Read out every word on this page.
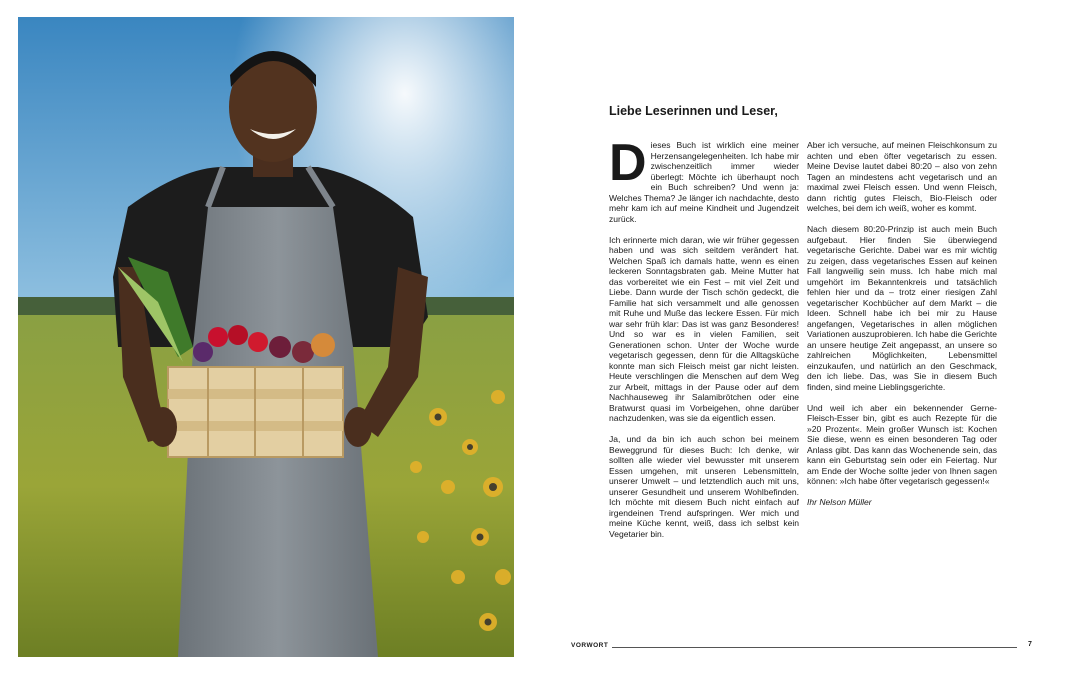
Liebe Leserinnen und Leser,

Dieses Buch ist wirklich eine meiner Herzensangelegenheiten. Ich habe mir zwischenzeitlich immer wieder überlegt: Möchte ich überhaupt noch ein Buch schreiben? Und wenn ja: Welches Thema? Je länger ich nachdachte, desto mehr kam ich auf meine Kindheit und Jugendzeit zurück.

Ich erinnerte mich daran, wie wir früher gegessen haben und was sich seitdem verändert hat. Welchen Spaß ich damals hatte, wenn es einen leckeren Sonntagsbraten gab. Meine Mutter hat das vorbereitet wie ein Fest – mit viel Zeit und Liebe. Dann wurde der Tisch schön gedeckt, die Familie hat sich versammelt und alle genossen mit Ruhe und Muße das leckere Essen. Für mich war sehr früh klar: Das ist was ganz Besonderes! Und so war es in vielen Familien, seit Generationen schon. Unter der Woche wurde vegetarisch gegessen, denn für die Alltagsküche konnte man sich Fleisch meist gar nicht leisten. Heute verschlingen die Menschen auf dem Weg zur Arbeit, mittags in der Pause oder auf dem Nachhauseweg ihr Salamibrötchen oder eine Bratwurst quasi im Vorbeigehen, ohne darüber nachzudenken, was sie da eigentlich essen.

Ja, und da bin ich auch schon bei meinem Beweggrund für dieses Buch: Ich denke, wir sollten alle wieder viel bewusster mit unserem Essen umgehen, mit unseren Lebensmitteln, unserer Umwelt – und letztendlich auch mit uns, unserer Gesundheit und unserem Wohlbefinden. Ich möchte mit diesem Buch nicht einfach auf irgendeinen Trend aufspringen. Wer mich und meine Küche kennt, weiß, dass ich selbst kein Vegetarier bin.

Aber ich versuche, auf meinen Fleischkonsum zu achten und eben öfter vegetarisch zu essen. Meine Devise lautet dabei 80:20 – also von zehn Tagen an mindestens acht vegetarisch und an maximal zwei Fleisch essen. Und wenn Fleisch, dann richtig gutes Fleisch, Bio-Fleisch oder welches, bei dem ich weiß, woher es kommt.

Nach diesem 80:20-Prinzip ist auch mein Buch aufgebaut. Hier finden Sie überwiegend vegetarische Gerichte. Dabei war es mir wichtig zu zeigen, dass vegetarisches Essen auf keinen Fall langweilig sein muss. Ich habe mich mal umgehört im Bekanntenkreis und tatsächlich fehlen hier und da – trotz einer riesigen Zahl vegetarischer Kochbücher auf dem Markt – die Ideen. Schnell habe ich bei mir zu Hause angefangen, Vegetarisches in allen möglichen Variationen auszuprobieren. Ich habe die Gerichte an unsere heutige Zeit angepasst, an unsere so zahlreichen Möglichkeiten, Lebensmittel einzukaufen, und natürlich an den Geschmack, den ich liebe. Das, was Sie in diesem Buch finden, sind meine Lieblingsgerichte.

Und weil ich aber ein bekennender Gerne-Fleisch-Esser bin, gibt es auch Rezepte für die »20 Prozent«. Mein großer Wunsch ist: Kochen Sie diese, wenn es einen besonderen Tag oder Anlass gibt. Das kann das Wochenende sein, das kann ein Geburtstag sein oder ein Feiertag. Nur am Ende der Woche sollte jeder von Ihnen sagen können: »Ich habe öfter vegetarisch gegessen!«

Ihr Nelson Müller

VORWORT	7
